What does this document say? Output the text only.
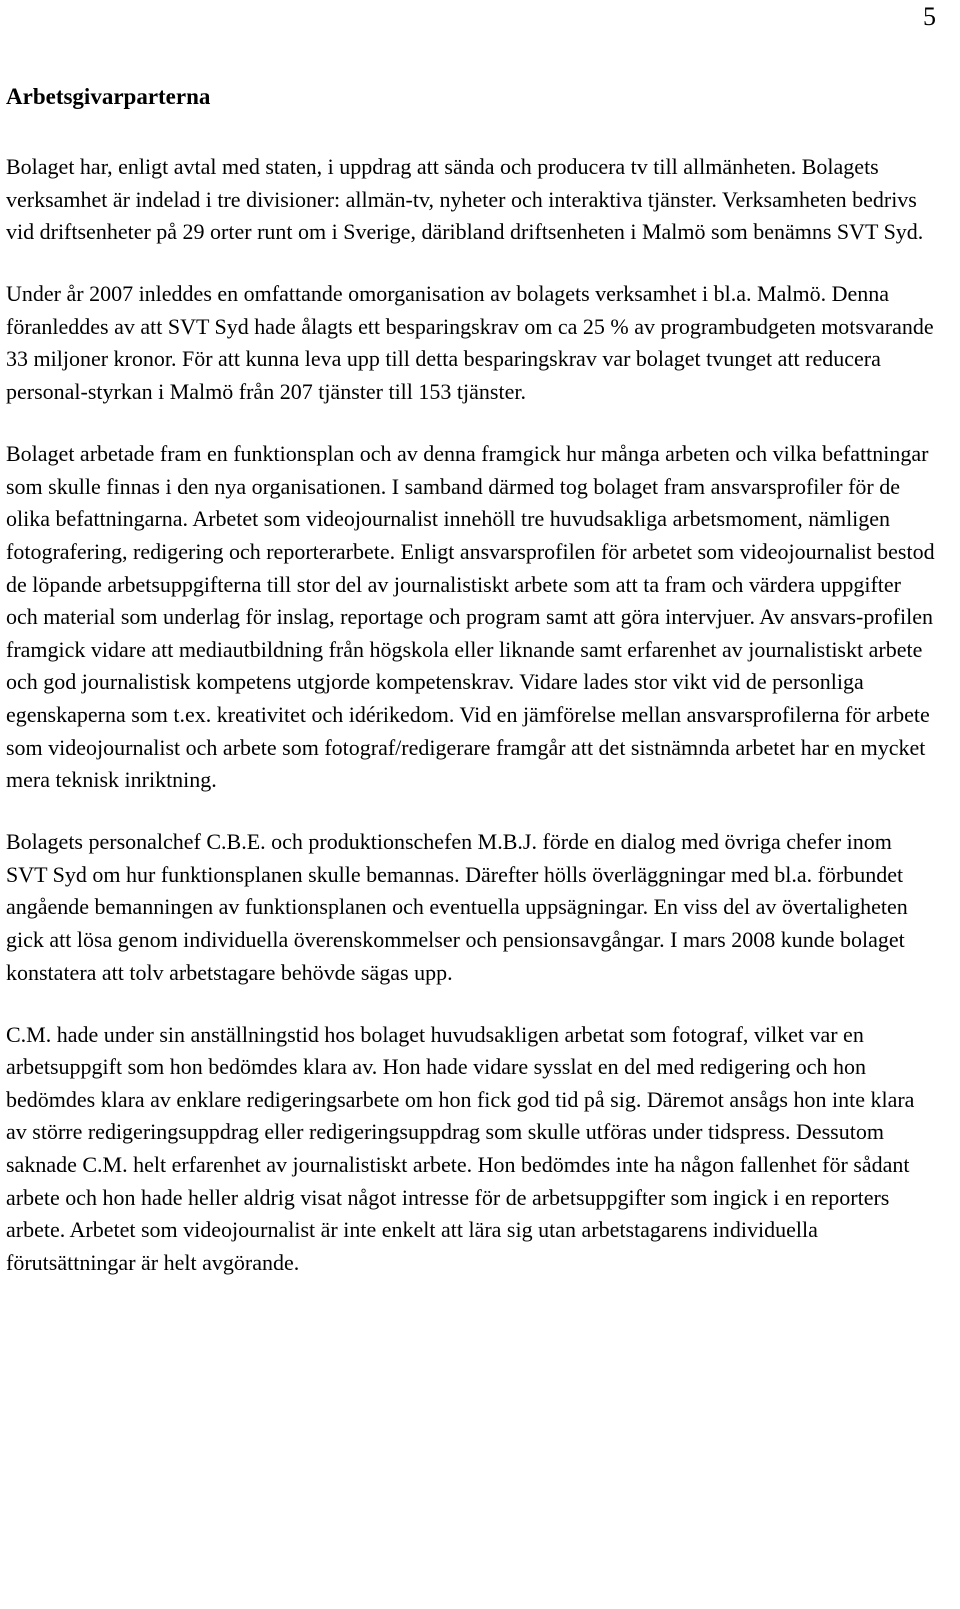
5
Arbetsgivarparterna

Bolaget har, enligt avtal med staten, i uppdrag att sända och producera tv till allmänheten. Bolagets verksamhet är indelad i tre divisioner: allmän-tv, nyheter och interaktiva tjänster. Verksamheten bedrivs vid driftsenheter på 29 orter runt om i Sverige, däribland driftsenheten i Malmö som benämns SVT Syd.

Under år 2007 inleddes en omfattande omorganisation av bolagets verksamhet i bl.a. Malmö. Denna föranleddes av att SVT Syd hade ålagts ett besparingskrav om ca 25 % av programbudgeten motsvarande 33 miljoner kronor. För att kunna leva upp till detta besparingskrav var bolaget tvunget att reducera personal-styrkan i Malmö från 207 tjänster till 153 tjänster.

Bolaget arbetade fram en funktionsplan och av denna framgick hur många arbeten och vilka befattningar som skulle finnas i den nya organisationen. I samband därmed tog bolaget fram ansvarsprofiler för de olika befattningarna. Arbetet som videojournalist innehöll tre huvudsakliga arbetsmoment, nämligen fotografering, redigering och reporterarbete. Enligt ansvarsprofilen för arbetet som videojournalist bestod de löpande arbetsuppgifterna till stor del av journalistiskt arbete som att ta fram och värdera uppgifter och material som underlag för inslag, reportage och program samt att göra intervjuer. Av ansvars-profilen framgick vidare att mediautbildning från högskola eller liknande samt erfarenhet av journalistiskt arbete och god journalistisk kompetens utgjorde kompetenskrav. Vidare lades stor vikt vid de personliga egenskaperna som t.ex. kreativitet och idérikedom. Vid en jämförelse mellan ansvarsprofilerna för arbete som videojournalist och arbete som fotograf/redigerare framgår att det sistnämnda arbetet har en mycket mera teknisk inriktning.

Bolagets personalchef C.B.E. och produktionschefen M.B.J. förde en dialog med övriga chefer inom SVT Syd om hur funktionsplanen skulle bemannas. Därefter hölls överläggningar med bl.a. förbundet angående bemanningen av funktionsplanen och eventuella uppsägningar. En viss del av övertaligheten gick att lösa genom individuella överenskommelser och pensionsavgångar. I mars 2008 kunde bolaget konstatera att tolv arbetstagare behövde sägas upp.

C.M. hade under sin anställningstid hos bolaget huvudsakligen arbetat som fotograf, vilket var en arbetsuppgift som hon bedömdes klara av. Hon hade vidare sysslat en del med redigering och hon bedömdes klara av enklare redigeringsarbete om hon fick god tid på sig. Däremot ansågs hon inte klara av större redigeringsuppdrag eller redigeringsuppdrag som skulle utföras under tidspress. Dessutom saknade C.M. helt erfarenhet av journalistiskt arbete. Hon bedömdes inte ha någon fallenhet för sådant arbete och hon hade heller aldrig visat något intresse för de arbetsuppgifter som ingick i en reporters arbete. Arbetet som videojournalist är inte enkelt att lära sig utan arbetstagarens individuella förutsättningar är helt avgörande.
